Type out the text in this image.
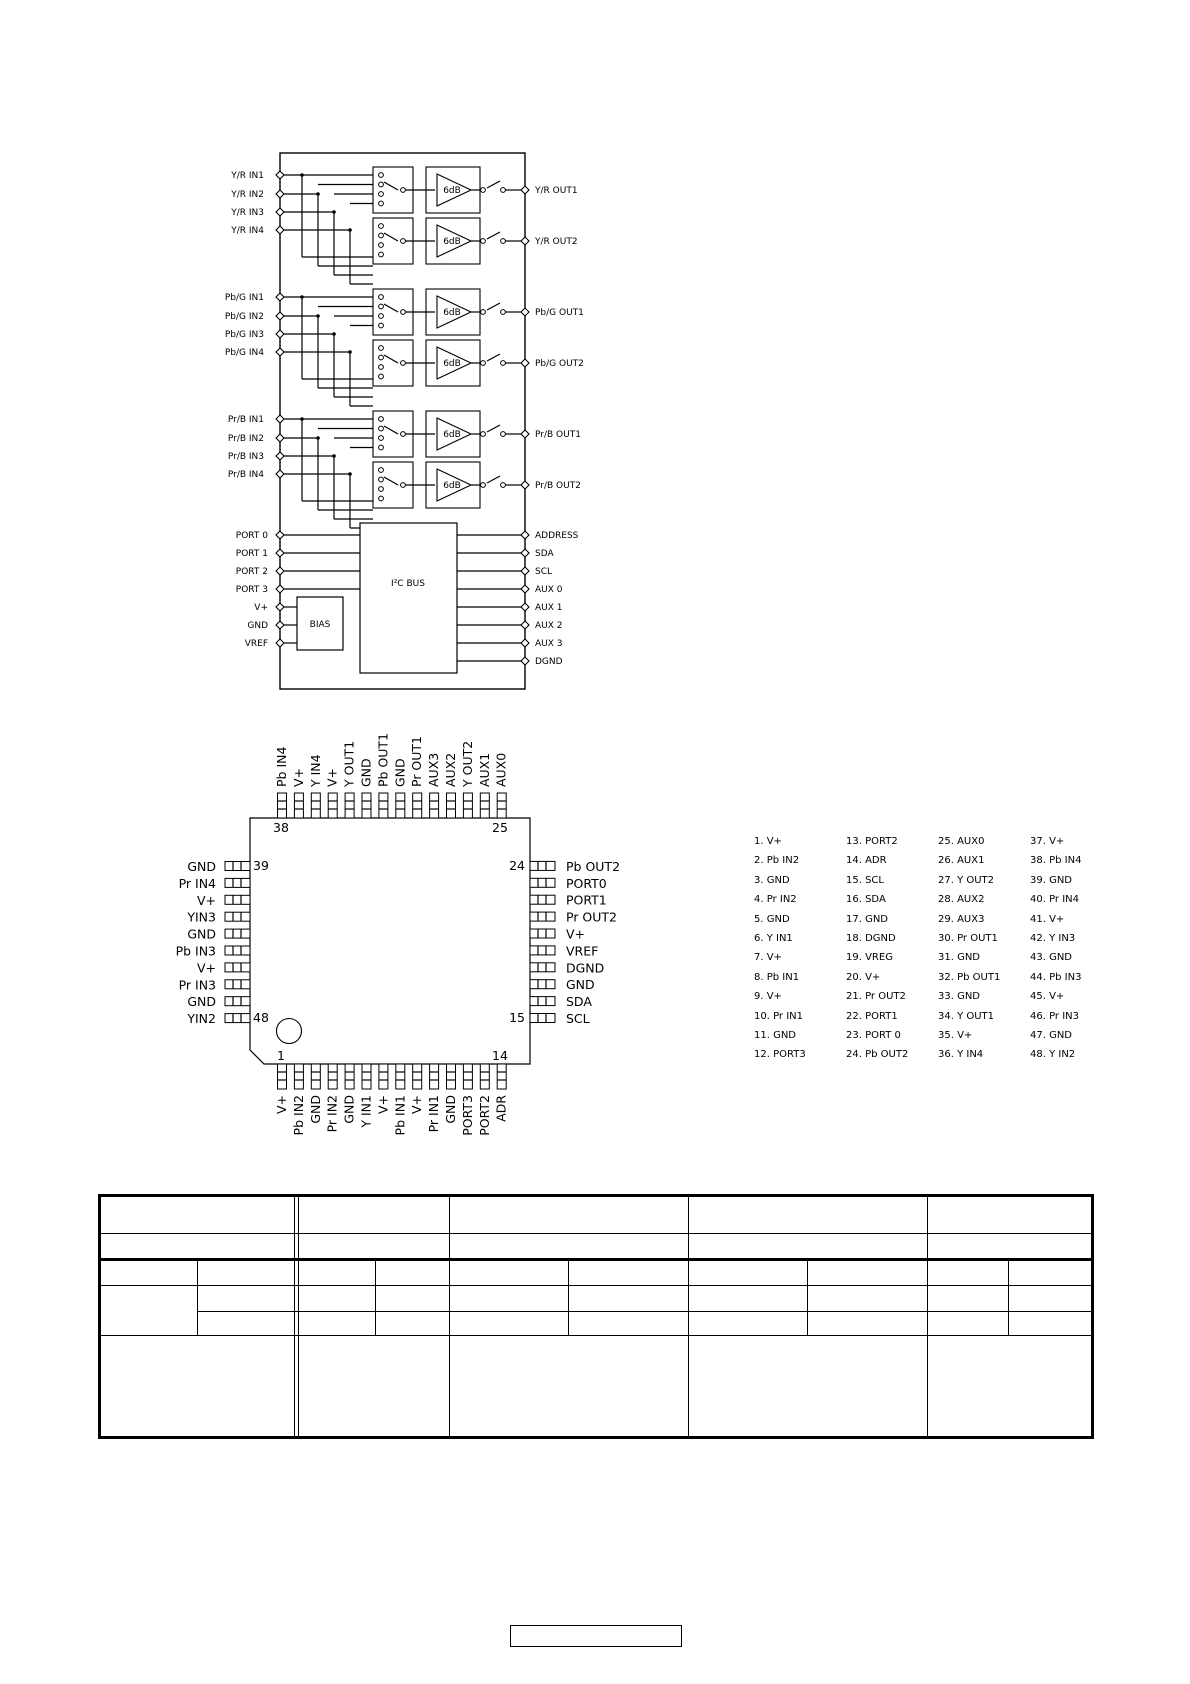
Y/R IN1
Y/R IN2
Y/R IN3
Y/R IN4
6dB	Y/R OUT1
6dB	Y/R OUT2
Pb/G IN1
Pb/G IN2
Pb/G IN3
Pb/G IN4
6dB	Pb/G OUT1
6dB	Pb/G OUT2
Pr/B IN1
Pr/B IN2
Pr/B IN3
Pr/B IN4
6dB	Pr/B OUT1
6dB	Pr/B OUT2
PORT 0
PORT 1
PORT 2
PORT 3
V+
GND
VREF
I²C BUS
BIAS
ADDRESS
SDA
SCL
AUX 0
AUX 1
AUX 2
AUX 3
DGND
V+ Pb IN2 GND Pr IN2 GND Y IN1 V+ Pb IN1 V+ Pr IN1 GND PORT3 PORT2 ADR
AUX0
AUX1
Y OUT2
AUX2
AUX3
Pr OUT1
GND
Pb OUT1
GND
Y OUT1
V+
Y IN4
V+
Pb IN4
SCL
SDA
GND
DGND
VREF
V+
Pr OUT2
PORT1
PORT0
Pb OUT2
GND
Pr IN4
V+
YIN3
GND
Pb IN3
V+
Pr IN3
GND
YIN2
1	14
15
24
25
38
39
48
1. V+
2. Pb IN2
3. GND
4. Pr IN2
5. GND
6. Y IN1
7. V+
8. Pb IN1
9. V+
10. Pr IN1
11. GND
12. PORT3
13. PORT2
14. ADR
15. SCL
16. SDA
17. GND
18. DGND
19. VREG
20. V+
21. Pr OUT2
22. PORT1
23. PORT 0
24. Pb OUT2
25. AUX0
26. AUX1
27. Y OUT2
28. AUX2
29. AUX3
30. Pr OUT1
31. GND
32. Pb OUT1
33. GND
34. Y OUT1
35. V+
36. Y IN4
37. V+
38. Pb IN4
39. GND
40. Pr IN4
41. V+
42. Y IN3
43. GND
44. Pb IN3
45. V+
46. Pr IN3
47. GND
48. Y IN2
